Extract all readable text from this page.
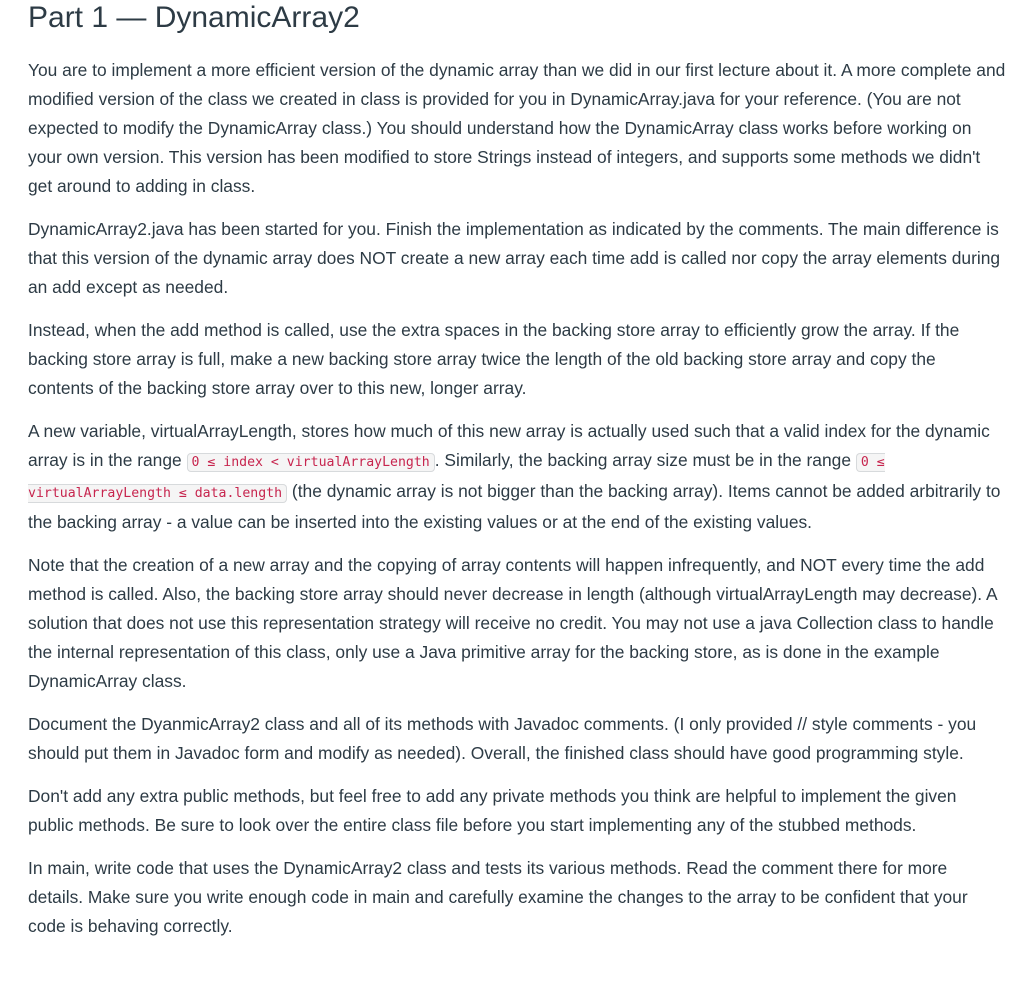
Part 1 — DynamicArray2

You are to implement a more efficient version of the dynamic array than we did in our first lecture about it. A more complete and modified version of the class we created in class is provided for you in DynamicArray.java for your reference. (You are not expected to modify the DynamicArray class.) You should understand how the DynamicArray class works before working on your own version. This version has been modified to store Strings instead of integers, and supports some methods we didn't get around to adding in class.

DynamicArray2.java has been started for you. Finish the implementation as indicated by the comments. The main difference is that this version of the dynamic array does NOT create a new array each time add is called nor copy the array elements during an add except as needed.

Instead, when the add method is called, use the extra spaces in the backing store array to efficiently grow the array. If the backing store array is full, make a new backing store array twice the length of the old backing store array and copy the contents of the backing store array over to this new, longer array.

A new variable, virtualArrayLength, stores how much of this new array is actually used such that a valid index for the dynamic array is in the range 0 ≤ index < virtualArrayLength . Similarly, the backing array size must be in the range 0 ≤ virtualArrayLength ≤ data.length (the dynamic array is not bigger than the backing array). Items cannot be added arbitrarily to the backing array - a value can be inserted into the existing values or at the end of the existing values.

Note that the creation of a new array and the copying of array contents will happen infrequently, and NOT every time the add method is called. Also, the backing store array should never decrease in length (although virtualArrayLength may decrease). A solution that does not use this representation strategy will receive no credit. You may not use a java Collection class to handle the internal representation of this class, only use a Java primitive array for the backing store, as is done in the example DynamicArray class.

Document the DyanmicArray2 class and all of its methods with Javadoc comments. (I only provided // style comments - you should put them in Javadoc form and modify as needed). Overall, the finished class should have good programming style.

Don't add any extra public methods, but feel free to add any private methods you think are helpful to implement the given public methods. Be sure to look over the entire class file before you start implementing any of the stubbed methods.

In main, write code that uses the DynamicArray2 class and tests its various methods. Read the comment there for more details. Make sure you write enough code in main and carefully examine the changes to the array to be confident that your code is behaving correctly.
